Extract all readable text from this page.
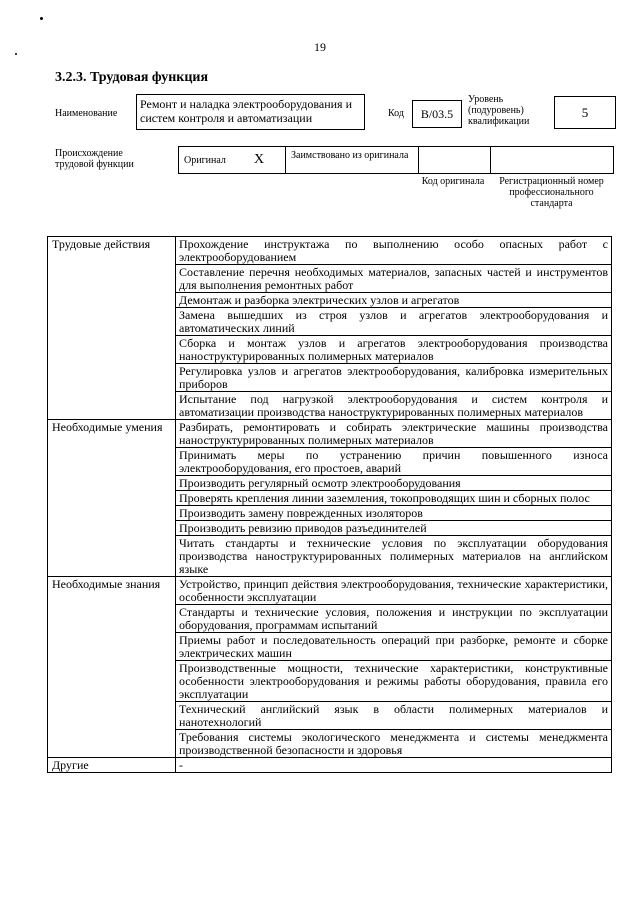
19
3.2.3. Трудовая функция
Наименование
Ремонт и наладка электрооборудования и систем контроля и автоматизации	Код	B/03.5
Уровень (подуровень) квалификации
5
Происхождение трудовой функции	Оригинал X	Заимствовано из оригинала
Код оригинала	Регистрационный номер профессионального стандарта
Трудовые действия	Прохождение инструктажа по выполнению особо опасных работ с электрооборудованием
	Составление перечня необходимых материалов, запасных частей и инструментов для выполнения ремонтных работ
	Демонтаж и разборка электрических узлов и агрегатов
	Замена вышедших из строя узлов и агрегатов электрооборудования и автоматических линий
	Сборка и монтаж узлов и агрегатов электрооборудования производства наноструктурированных полимерных материалов
	Регулировка узлов и агрегатов электрооборудования, калибровка измерительных приборов
	Испытание под нагрузкой электрооборудования и систем контроля и автоматизации производства наноструктурированных полимерных материалов
Необходимые умения	Разбирать, ремонтировать и собирать электрические машины производства наноструктурированных полимерных материалов
	Принимать меры по устранению причин повышенного износа электрооборудования, его простоев, аварий
	Производить регулярный осмотр электрооборудования
	Проверять крепления линии заземления, токопроводящих шин и сборных полос
	Производить замену поврежденных изоляторов
	Производить ревизию приводов разъединителей
	Читать стандарты и технические условия по эксплуатации оборудования производства наноструктурированных полимерных материалов на английском языке
Необходимые знания	Устройство, принцип действия электрооборудования, технические характеристики, особенности эксплуатации
	Стандарты и технические условия, положения и инструкции по эксплуатации оборудования, программам испытаний
	Приемы работ и последовательность операций при разборке, ремонте и сборке электрических машин
	Производственные мощности, технические характеристики, конструктивные особенности электрооборудования и режимы работы оборудования, правила его эксплуатации
	Технический английский язык в области полимерных материалов и нанотехнологий
	Требования системы экологического менеджмента и системы менеджмента производственной безопасности и здоровья
Другие	-
